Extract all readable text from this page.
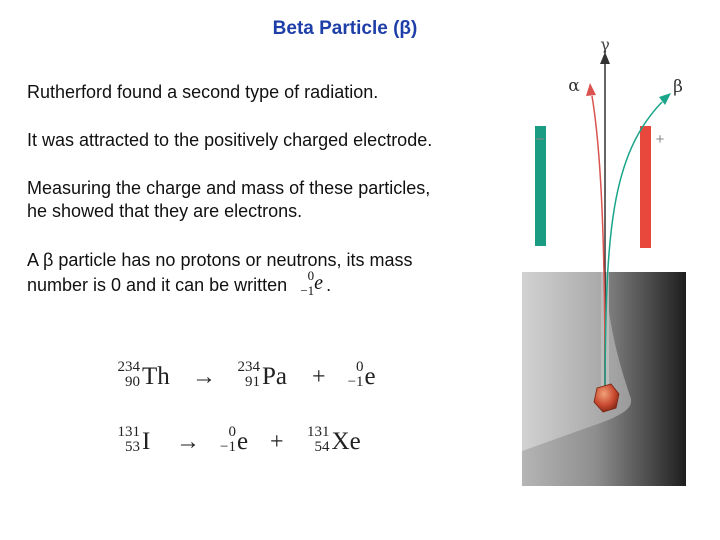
Beta Particle (β)
Rutherford found a second type of radiation.
It was attracted to the positively charged electrode.
Measuring the charge and mass of these particles,
he showed that they are electrons.
A β particle has no protons or neutrons, its mass
number is 0 and it can be written 0
−1 e .
234
90 Th →	234
91 Pa +	0
−1 e
131
53 I →	0
−1 e +	131
54 Xe
−	+
γ
α	β
